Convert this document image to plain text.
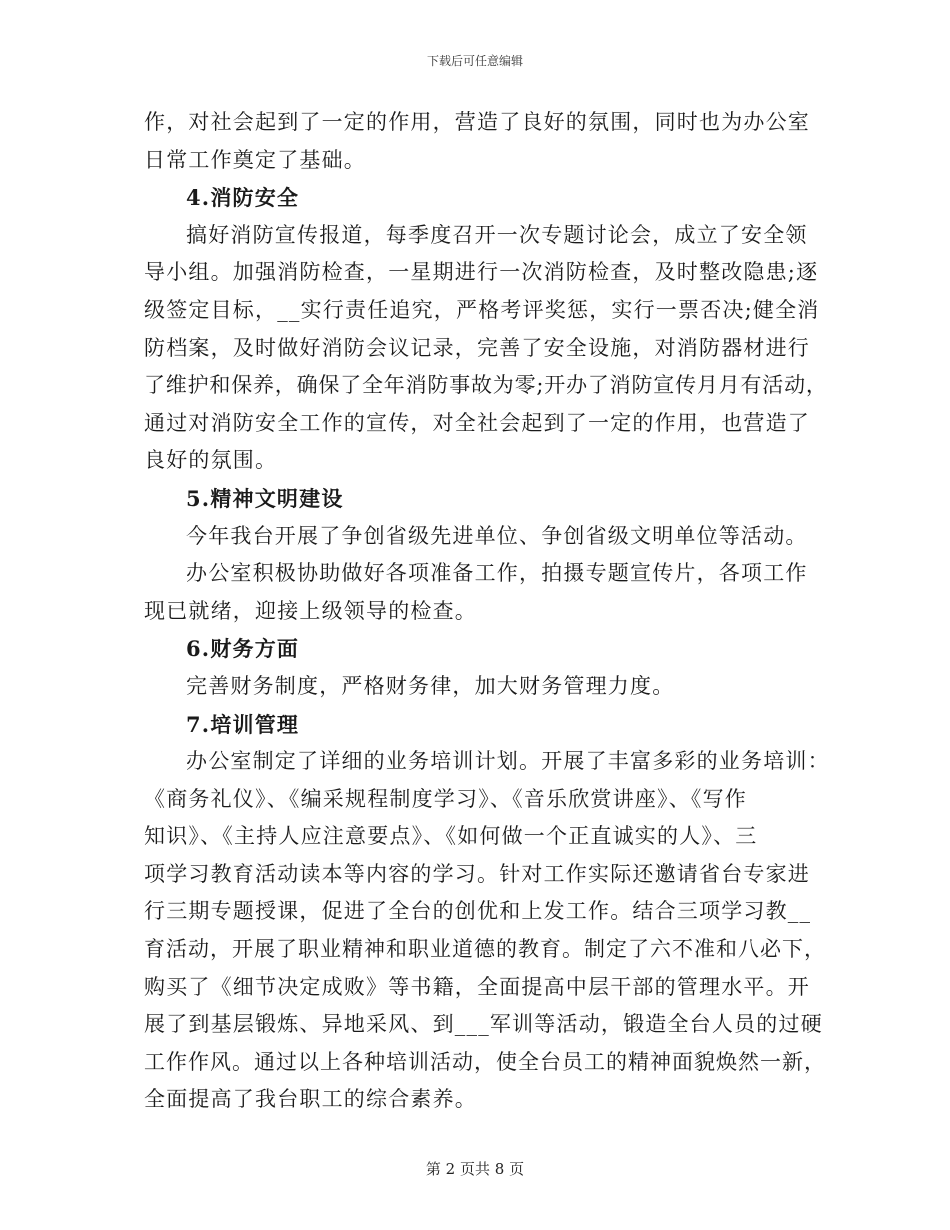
下载后可任意编辑

作，对社会起到了一定的作用，营造了良好的氛围，同时也为办公室

日常工作奠定了基础。

4.消防安全

搞好消防宣传报道，每季度召开一次专题讨论会，成立了安全领

导小组。加强消防检查，一星期进行一次消防检查，及时整改隐患;逐

级签定目标，__实行责任追究，严格考评奖惩，实行一票否决;健全消

防档案，及时做好消防会议记录，完善了安全设施，对消防器材进行

了维护和保养，确保了全年消防事故为零;开办了消防宣传月月有活动，

通过对消防安全工作的宣传，对全社会起到了一定的作用，也营造了

良好的氛围。

5.精神文明建设

今年我台开展了争创省级先进单位、争创省级文明单位等活动。

办公室积极协助做好各项准备工作，拍摄专题宣传片，各项工作

现已就绪，迎接上级领导的检查。

6.财务方面

完善财务制度，严格财务律，加大财务管理力度。

7.培训管理

办公室制定了详细的业务培训计划。开展了丰富多彩的业务培训：

《商务礼仪》、《编采规程制度学习》、《音乐欣赏讲座》、《写作

知识》、《主持人应注意要点》、《如何做一个正直诚实的人》、三

项学习教育活动读本等内容的学习。针对工作实际还邀请省台专家进

行三期专题授课，促进了全台的创优和上发工作。结合三项学习教__

育活动，开展了职业精神和职业道德的教育。制定了六不准和八必下，

购买了《细节决定成败》等书籍，全面提高中层干部的管理水平。开

展了到基层锻炼、异地采风、到___军训等活动，锻造全台人员的过硬

工作作风。通过以上各种培训活动，使全台员工的精神面貌焕然一新，

全面提高了我台职工的综合素养。

第 2 页共 8 页
